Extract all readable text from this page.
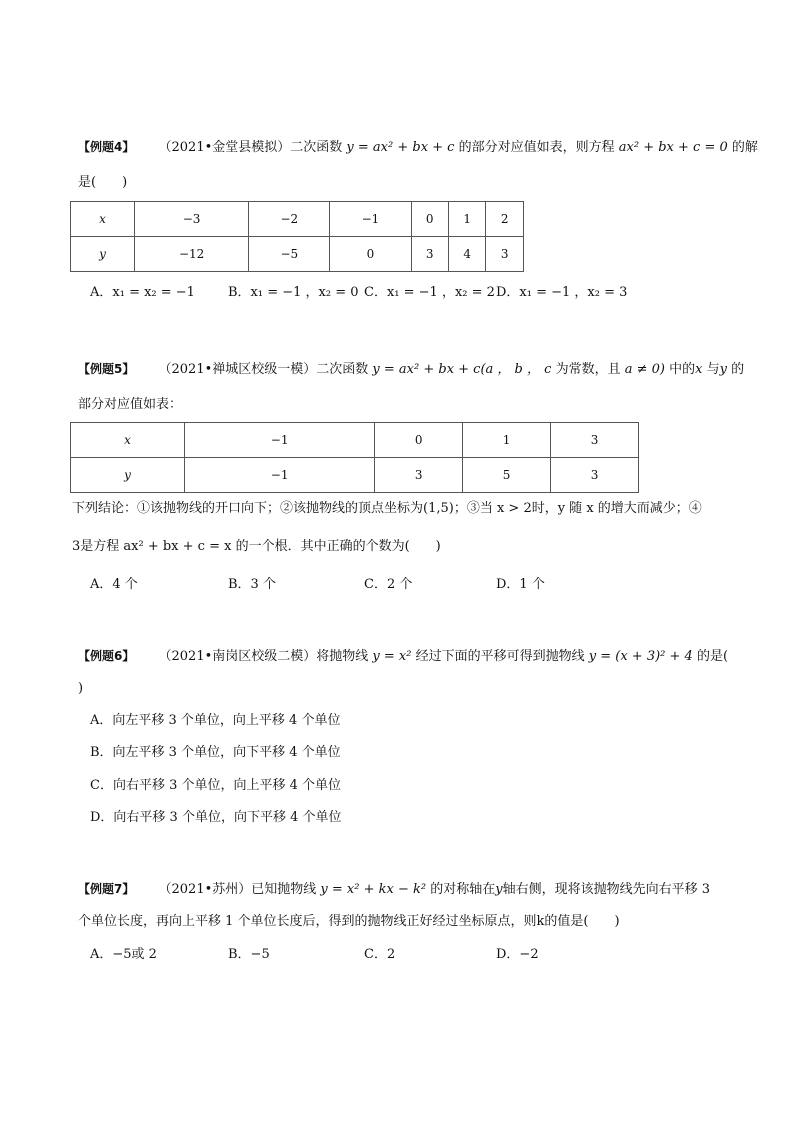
【例题4】 （2021•金堂县模拟）二次函数 y = ax² + bx + c 的部分对应值如表，则方程 ax² + bx + c = 0 的解
是(　　)
x	−3	−2	−1	0	1	2
y	−12	−5	0	3	4	3
A．x₁ = x₂ = −1	B．x₁ = −1 ，x₂ = 0 C．x₁ = −1 ，x₂ = 2 D．x₁ = −1 ，x₂ = 3
【例题5】 （2021•禅城区校级一模）二次函数 y = ax² + bx + c(a ， b ， c 为常数，且 a ≠ 0) 中的x 与y 的
部分对应值如表：
x	−1	0	1	3
y	−1	3	5	3
下列结论：①该抛物线的开口向下；②该抛物线的顶点坐标为(1,5)；③当 x > 2时，y 随 x 的增大而减少；④
3是方程 ax² + bx + c = x 的一个根．其中正确的个数为(　　)
A．4 个	B．3 个	C．2 个	D．1 个
【例题6】 （2021•南岗区校级二模）将抛物线 y = x² 经过下面的平移可得到抛物线 y = (x + 3)² + 4 的是(
)
A．向左平移 3 个单位，向上平移 4 个单位
B．向左平移 3 个单位，向下平移 4 个单位
C．向右平移 3 个单位，向上平移 4 个单位
D．向右平移 3 个单位，向下平移 4 个单位
【例题7】 （2021•苏州）已知抛物线 y = x² + kx − k² 的对称轴在y轴右侧，现将该抛物线先向右平移 3
个单位长度，再向上平移 1 个单位长度后，得到的抛物线正好经过坐标原点，则k的值是(　　)
A．−5或 2	B．−5	C．2	D．−2
